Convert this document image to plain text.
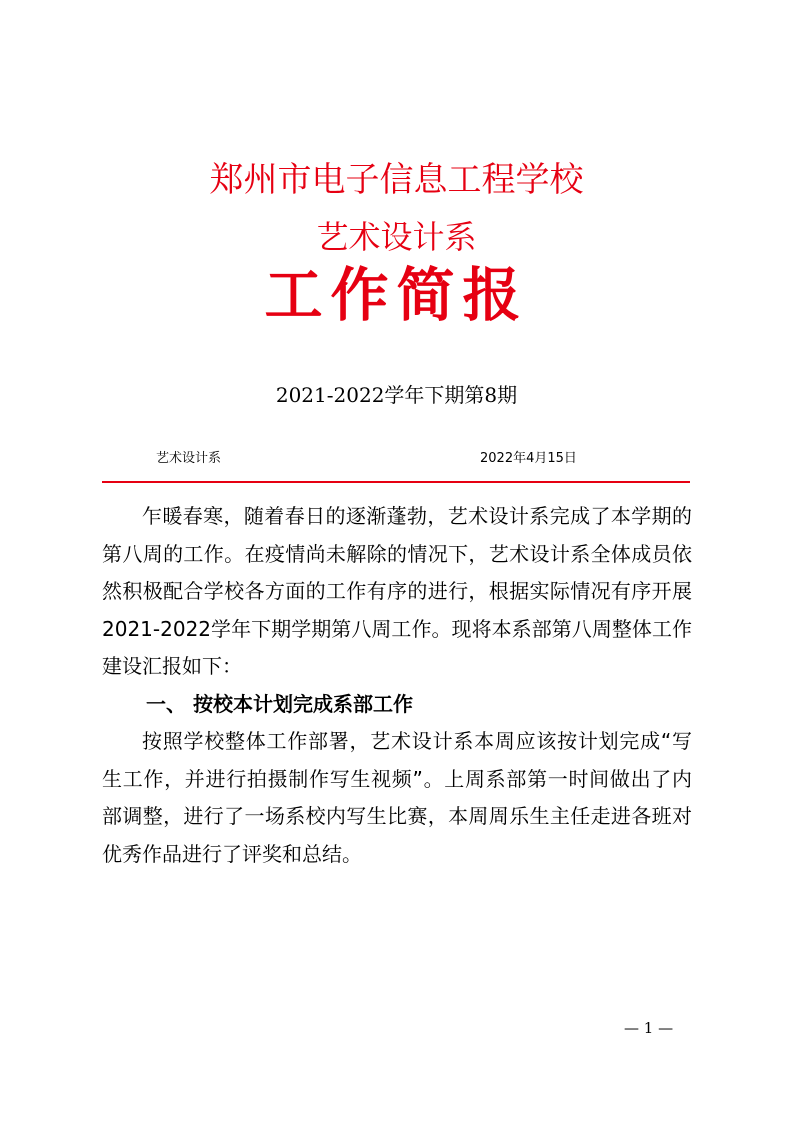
郑州市电子信息工程学校
艺术设计系
工作简报
2021-2022学年下期第8期
艺术设计系	2022年4月15日

乍暖春寒，随着春日的逐渐蓬勃，艺术设计系完成了本学期的第八周的工作。在疫情尚未解除的情况下，艺术设计系全体成员依然积极配合学校各方面的工作有序的进行，根据实际情况有序开展2021-2022学年下期学期第八周工作。现将本系部第八周整体工作建设汇报如下：

一、 按校本计划完成系部工作

按照学校整体工作部署，艺术设计系本周应该按计划完成“写生工作，并进行拍摄制作写生视频”。上周系部第一时间做出了内部调整，进行了一场系校内写生比赛，本周周乐生主任走进各班对优秀作品进行了评奖和总结。

— 1 —
